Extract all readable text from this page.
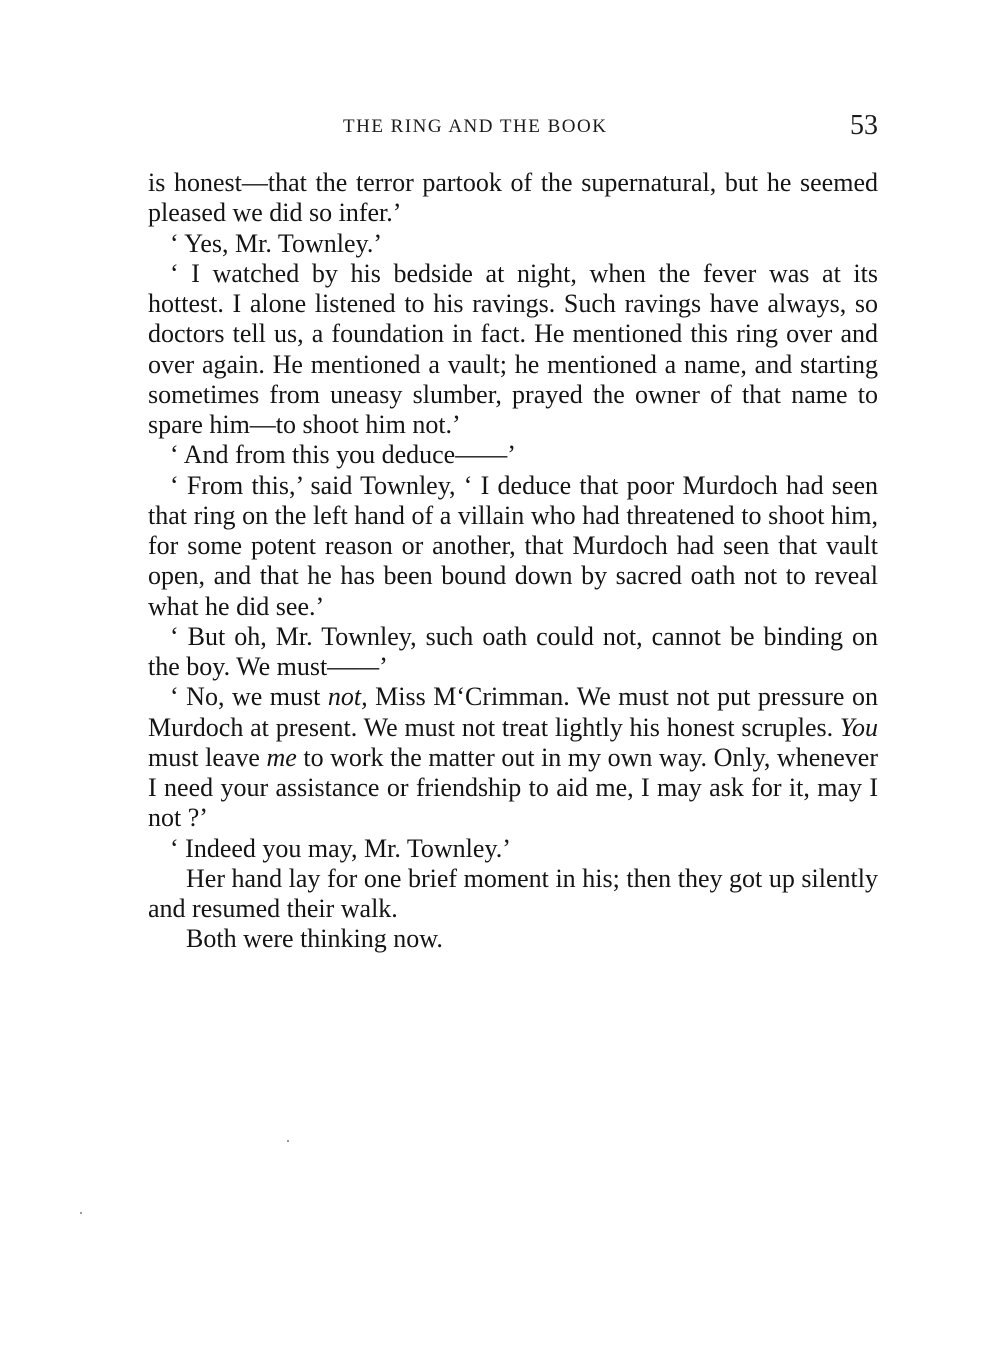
THE RING AND THE BOOK	53

is honest—that the terror partook of the supernatural, but he seemed pleased we did so infer.’

‘ Yes, Mr. Townley.’

‘ I watched by his bedside at night, when the fever was at its hottest. I alone listened to his ravings. Such ravings have always, so doctors tell us, a foundation in fact. He mentioned this ring over and over again. He mentioned a vault; he mentioned a name, and starting sometimes from uneasy slumber, prayed the owner of that name to spare him—to shoot him not.’

‘ And from this you deduce——’

‘ From this,’ said Townley, ‘ I deduce that poor Murdoch had seen that ring on the left hand of a villain who had threatened to shoot him, for some potent reason or another, that Murdoch had seen that vault open, and that he has been bound down by sacred oath not to reveal what he did see.’

‘ But oh, Mr. Townley, such oath could not, cannot be binding on the boy. We must——’

‘ No, we must not, Miss M‘Crimman. We must not put pressure on Murdoch at present. We must not treat lightly his honest scruples. You must leave me to work the matter out in my own way. Only, whenever I need your assistance or friendship to aid me, I may ask for it, may I not ?’

‘ Indeed you may, Mr. Townley.’

Her hand lay for one brief moment in his; then they got up silently and resumed their walk.

Both were thinking now.
